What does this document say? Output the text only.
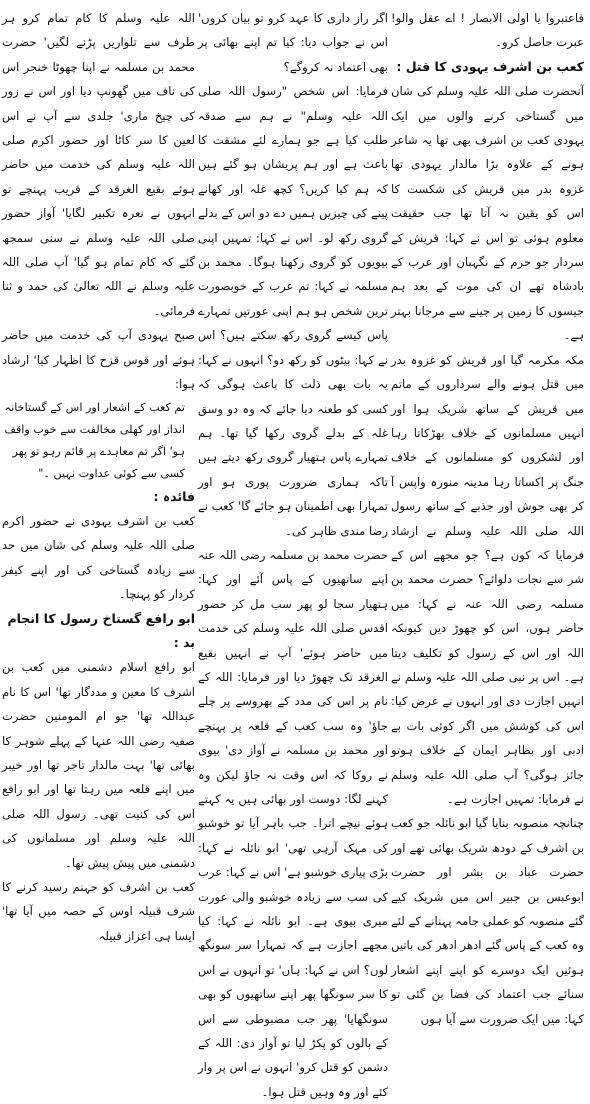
فاعتبروا یا اولی الابصار ! اے عقل والو! عبرت حاصل کرو۔

کعب بن اشرف یہودی کا قتل :

آنحضرت صلی اللہ علیہ وسلم کی شان میں گستاخی کرنے والوں میں ایک یہودی کعب بن اشرف بھی تھا یہ شاعر ہونے کے علاوہ بڑا مالدار یہودی تھا غزوہ بدر میں قریش کی شکست کا اس کو یقین نہ آتا تھا جب حقیقت معلوم ہوئی تو اس نے کہا: قریش کے سردار جو حرم کے نگہبان اور عرب کے بادشاہ تھے ان کی موت کے بعد ہم جیسوں کا زمین پر جینے سے مرجانا بہتر ہے۔

مکہ مکرمہ گیا اور قریش کو غزوہ بدر میں قتل ہونے والے سرداروں کے ماتم میں قریش کے ساتھ شریک ہوا اور انہیں مسلمانوں کے خلاف بھڑکاتا رہا اور لشکروں کو مسلمانوں کے خلاف جنگ پر اکساتا رہا مدینہ منورہ واپس آ کر بھی جوش اور جذبے کے ساتھ رسول اللہ صلی اللہ علیہ وسلم نے ارشاد فرمایا کہ کون ہے؟ جو مجھے اس کے شر سے نجات دلوائے؟ حضرت محمد بن مسلمہ رضی اللہ عنہ نے کہا: میں حاضر ہوں، اس کو چھوڑ دیں کیونکہ اللہ اور اس کے رسول کو تکلیف دیتا ہے۔ اس پر نبی صلی اللہ علیہ وسلم نے انہیں اجازت دی اور انہوں نے عرض کیا: اس کی کوشش میں اگر کوئی بات بے ادبی اور بظاہر ایمان کے خلاف ہوتو جائز ہوگی؟ آپ صلی اللہ علیہ وسلم نے فرمایا: تمہیں اجازت ہے۔

چنانچہ منصوبہ بنایا گیا ابو نائلہ جو کعب بن اشرف کے دودھ شریک بھائی تھے اور حضرت عباد بن بشر اور حضرت ابوعبس بن جبیر اس میں شریک کیے گئے منصوبہ کو عملی جامہ پہنانے کے لئے وہ کعب کے پاس گئے ادھر ادھر کی باتیں ہوئیں ایک دوسرے کو اپنے اپنے اشعار سنائے جب اعتماد کی فضا بن گئی تو کہا: میں ایک ضرورت سے آیا ہوں

اگر راز داری کا عہد کرو تو بیان کروں' اس نے جواب دیا: کیا تم اپنے بھائی پر بھی اعتماد نہ کروگے؟

فرمایا: اس شخص "رسول اللہ صلی اللہ علیہ وسلم" نے ہم سے صدقہ طلب کیا ہے جو ہمارے لئے مشقت کا باعث ہے اور ہم پریشان ہو گئے ہیں کہ ہم کیا کریں؟ کچھ غلہ اور کھانے پینے کی چیزیں ہمیں دے دو اس کے بدلے گروی رکھ لو۔ اس نے کہا: تمہیں اپنی بیویوں کو گروی رکھنا ہوگا۔ محمد بن مسلمہ نے کہا: تم عرب کے خوبصورت ترین شخص ہو ہم اپنی عورتیں تمہارے پاس کیسے گروی رکھ سکتے ہیں؟ اس نے کہا: بیٹوں کو رکھ دو؟ انہوں نے کہا: یہ بات بھی ذلت کا باعث ہوگی کہ کسی کو طعنہ دیا جائے کہ وہ دو وسق غلہ کے بدلے گروی رکھا گیا تھا۔ ہم تمہارے پاس ہتھیار گروی رکھ دیتے ہیں تاکہ ہماری ضرورت پوری ہو اور تمہارا بھی اطمینان ہو جائے گا' کعب نے رضا مندی ظاہر کی۔

حضرت محمد بن مسلمہ رضی اللہ عنہ اپنے ساتھیوں کے پاس آئے اور کہا: ہتھیار سجا لو پھر سب مل کر حضور اقدس صلی اللہ علیہ وسلم کی خدمت میں حاضر ہوئے' آپ نے انہیں بقیع الغرقد تک چھوڑ دیا اور فرمایا: اللہ کے نام پر اس کی مدد کے بھروسے پر چلے جاؤ' وہ سب کعب کے قلعہ پر پہنچے اور محمد بن مسلمہ نے آواز دی' بیوی نے روکا کہ اس وقت نہ جاؤ لیکن وہ کہنے لگا: دوست اور بھائی ہیں یہ کہتے ہوئے نیچے اترا۔ جب باہر آیا تو خوشبو کی مہک آرہی تھی' ابو نائلہ نے کہا: بڑی پیاری خوشبو ہے' اس نے کہا: عرب کی سب سے زیادہ خوشبو والی عورت میری بیوی ہے۔ ابو نائلہ نے کہا: کیا مجھے اجازت ہے کہ تمہارا سر سونگھ لوں؟ اس نے کہا: ہاں' تو انہوں نے اس کا سر سونگھا پھر اپنے ساتھیوں کو بھی سونگھایا' پھر جب مضبوطی سے اس کے بالوں کو پکڑ لیا تو آواز دی: اللہ کے دشمن کو قتل کرو' انہوں نے اس پر وار کئے اور وہ وہیں قتل ہوا۔

اللہ علیہ وسلم کا کام تمام کرو ہر طرف سے تلواریں پڑنے لگیں' حضرت محمد بن مسلمہ نے اپنا چھوٹا خنجر اس کی ناف میں گھونپ دیا اور اس نے زور کی چیخ ماری' جلدی سے آپ نے اس لعین کا سر کاٹا اور حضور اکرم صلی اللہ علیہ وسلم کی خدمت میں حاضر ہوئے بقیع الغرقد کے قریب پہنچے تو انہوں نے نعرہ تکبیر لگایا' آواز حضور صلی اللہ علیہ وسلم نے سنی سمجھ گئے کہ کام تمام ہو گیا' آپ صلی اللہ علیہ وسلم نے اللہ تعالیٰ کی حمد و ثنا فرمائی۔

صبح یہودی آپ کی خدمت میں حاضر ہوئے اور قوس قزح کا اظہار کیا' ارشاد ہوا:

تم کعب کے اشعار اور اس کے گستاخانہ انداز اور کھلی مخالفت سے خوب واقف ہو' اگر تم معاہدے پر قائم رہو تو پھر کسی سے کوئی عداوت نہیں ۔"

فائدہ :

کعب بن اشرف یہودی نے حضور اکرم صلی اللہ علیہ وسلم کی شان میں حد سے زیادہ گستاخی کی اور اپنے کیفر کردار کو پہنچا۔

ابو رافع گستاخ رسول کا انجام بد :

ابو رافع اسلام دشمنی میں کعب بن اشرف کا معین و مددگار تھا' اس کا نام عبداللہ تھا' جو ام المومنین حضرت صفیہ رضی اللہ عنہا کے پہلے شوہر کا بھائی تھا' بہت مالدار تاجر تھا اور خیبر میں اپنے قلعہ میں رہتا تھا اور ابو رافع اس کی کنیت تھی۔ رسول اللہ صلی اللہ علیہ وسلم اور مسلمانوں کی دشمنی میں پیش پیش تھا۔

کعب بن اشرف کو جہنم رسید کرنے کا شرف قبیلہ اوس کے حصہ میں آیا تھا' ایسا ہی اعزاز قبیلہ
